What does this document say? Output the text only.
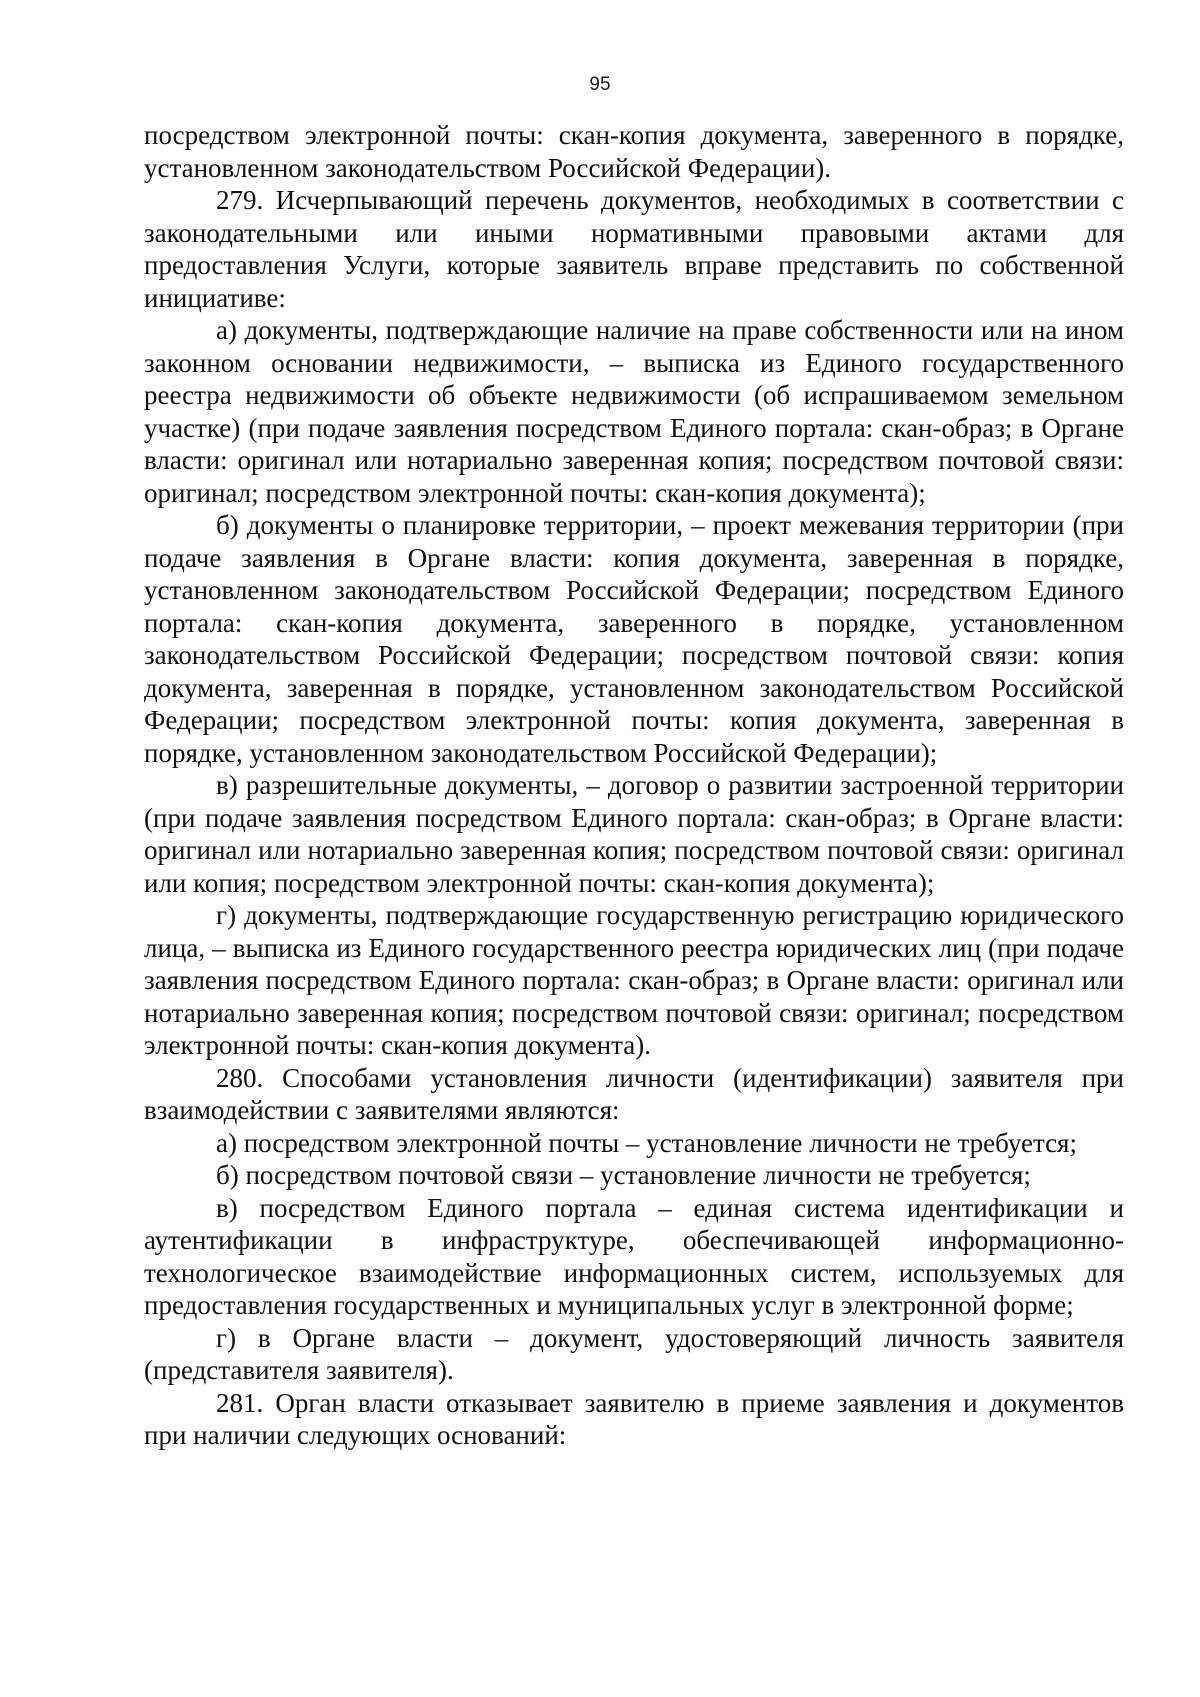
95

посредством электронной почты: скан-копия документа, заверенного в порядке, установленном законодательством Российской Федерации).

279. Исчерпывающий перечень документов, необходимых в соответствии с законодательными или иными нормативными правовыми актами для предоставления Услуги, которые заявитель вправе представить по собственной инициативе:

а) документы, подтверждающие наличие на праве собственности или на ином законном основании недвижимости, – выписка из Единого государственного реестра недвижимости об объекте недвижимости (об испрашиваемом земельном участке) (при подаче заявления посредством Единого портала: скан-образ; в Органе власти: оригинал или нотариально заверенная копия; посредством почтовой связи: оригинал; посредством электронной почты: скан-копия документа);

б) документы о планировке территории, – проект межевания территории (при подаче заявления в Органе власти: копия документа, заверенная в порядке, установленном законодательством Российской Федерации; посредством Единого портала: скан-копия документа, заверенного в порядке, установленном законодательством Российской Федерации; посредством почтовой связи: копия документа, заверенная в порядке, установленном законодательством Российской Федерации; посредством электронной почты: копия документа, заверенная в порядке, установленном законодательством Российской Федерации);

в) разрешительные документы, – договор о развитии застроенной территории (при подаче заявления посредством Единого портала: скан-образ; в Органе власти: оригинал или нотариально заверенная копия; посредством почтовой связи: оригинал или копия; посредством электронной почты: скан-копия документа);

г) документы, подтверждающие государственную регистрацию юридического лица, – выписка из Единого государственного реестра юридических лиц (при подаче заявления посредством Единого портала: скан-образ; в Органе власти: оригинал или нотариально заверенная копия; посредством почтовой связи: оригинал; посредством электронной почты: скан-копия документа).

280. Способами установления личности (идентификации) заявителя при взаимодействии с заявителями являются:

а) посредством электронной почты – установление личности не требуется;

б) посредством почтовой связи – установление личности не требуется;

в) посредством Единого портала – единая система идентификации и аутентификации в инфраструктуре, обеспечивающей информационно-технологическое взаимодействие информационных систем, используемых для предоставления государственных и муниципальных услуг в электронной форме;

г) в Органе власти – документ, удостоверяющий личность заявителя (представителя заявителя).

281. Орган власти отказывает заявителю в приеме заявления и документов при наличии следующих оснований:
